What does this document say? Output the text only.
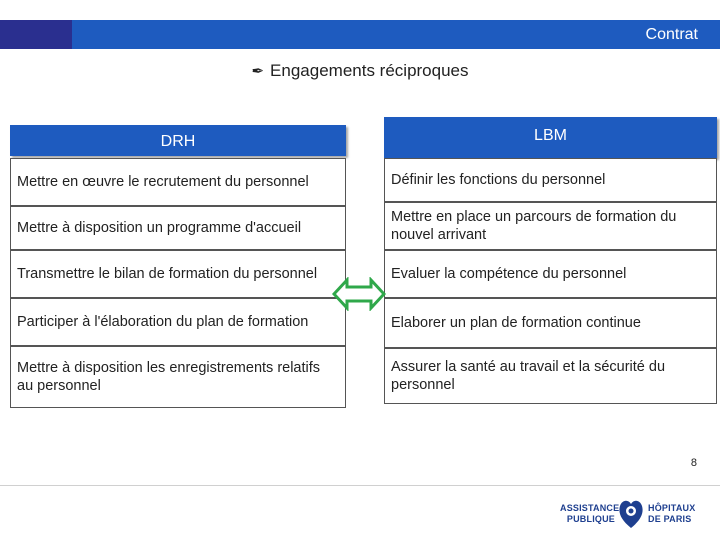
Contrat
✒ Engagements réciproques
DRH
Mettre en œuvre le recrutement du personnel
Mettre à disposition un programme d'accueil
Transmettre le bilan de formation du personnel
Participer à l'élaboration du plan de formation
Mettre à disposition les enregistrements relatifs au personnel
LBM
Définir les fonctions du personnel
Mettre en place un parcours de formation du nouvel arrivant
Evaluer la compétence du personnel
Elaborer un plan de formation continue
Assurer la santé au travail et la sécurité du personnel
8
ASSISTANCE
PUBLIQUE
HÔPITAUX
DE PARIS
